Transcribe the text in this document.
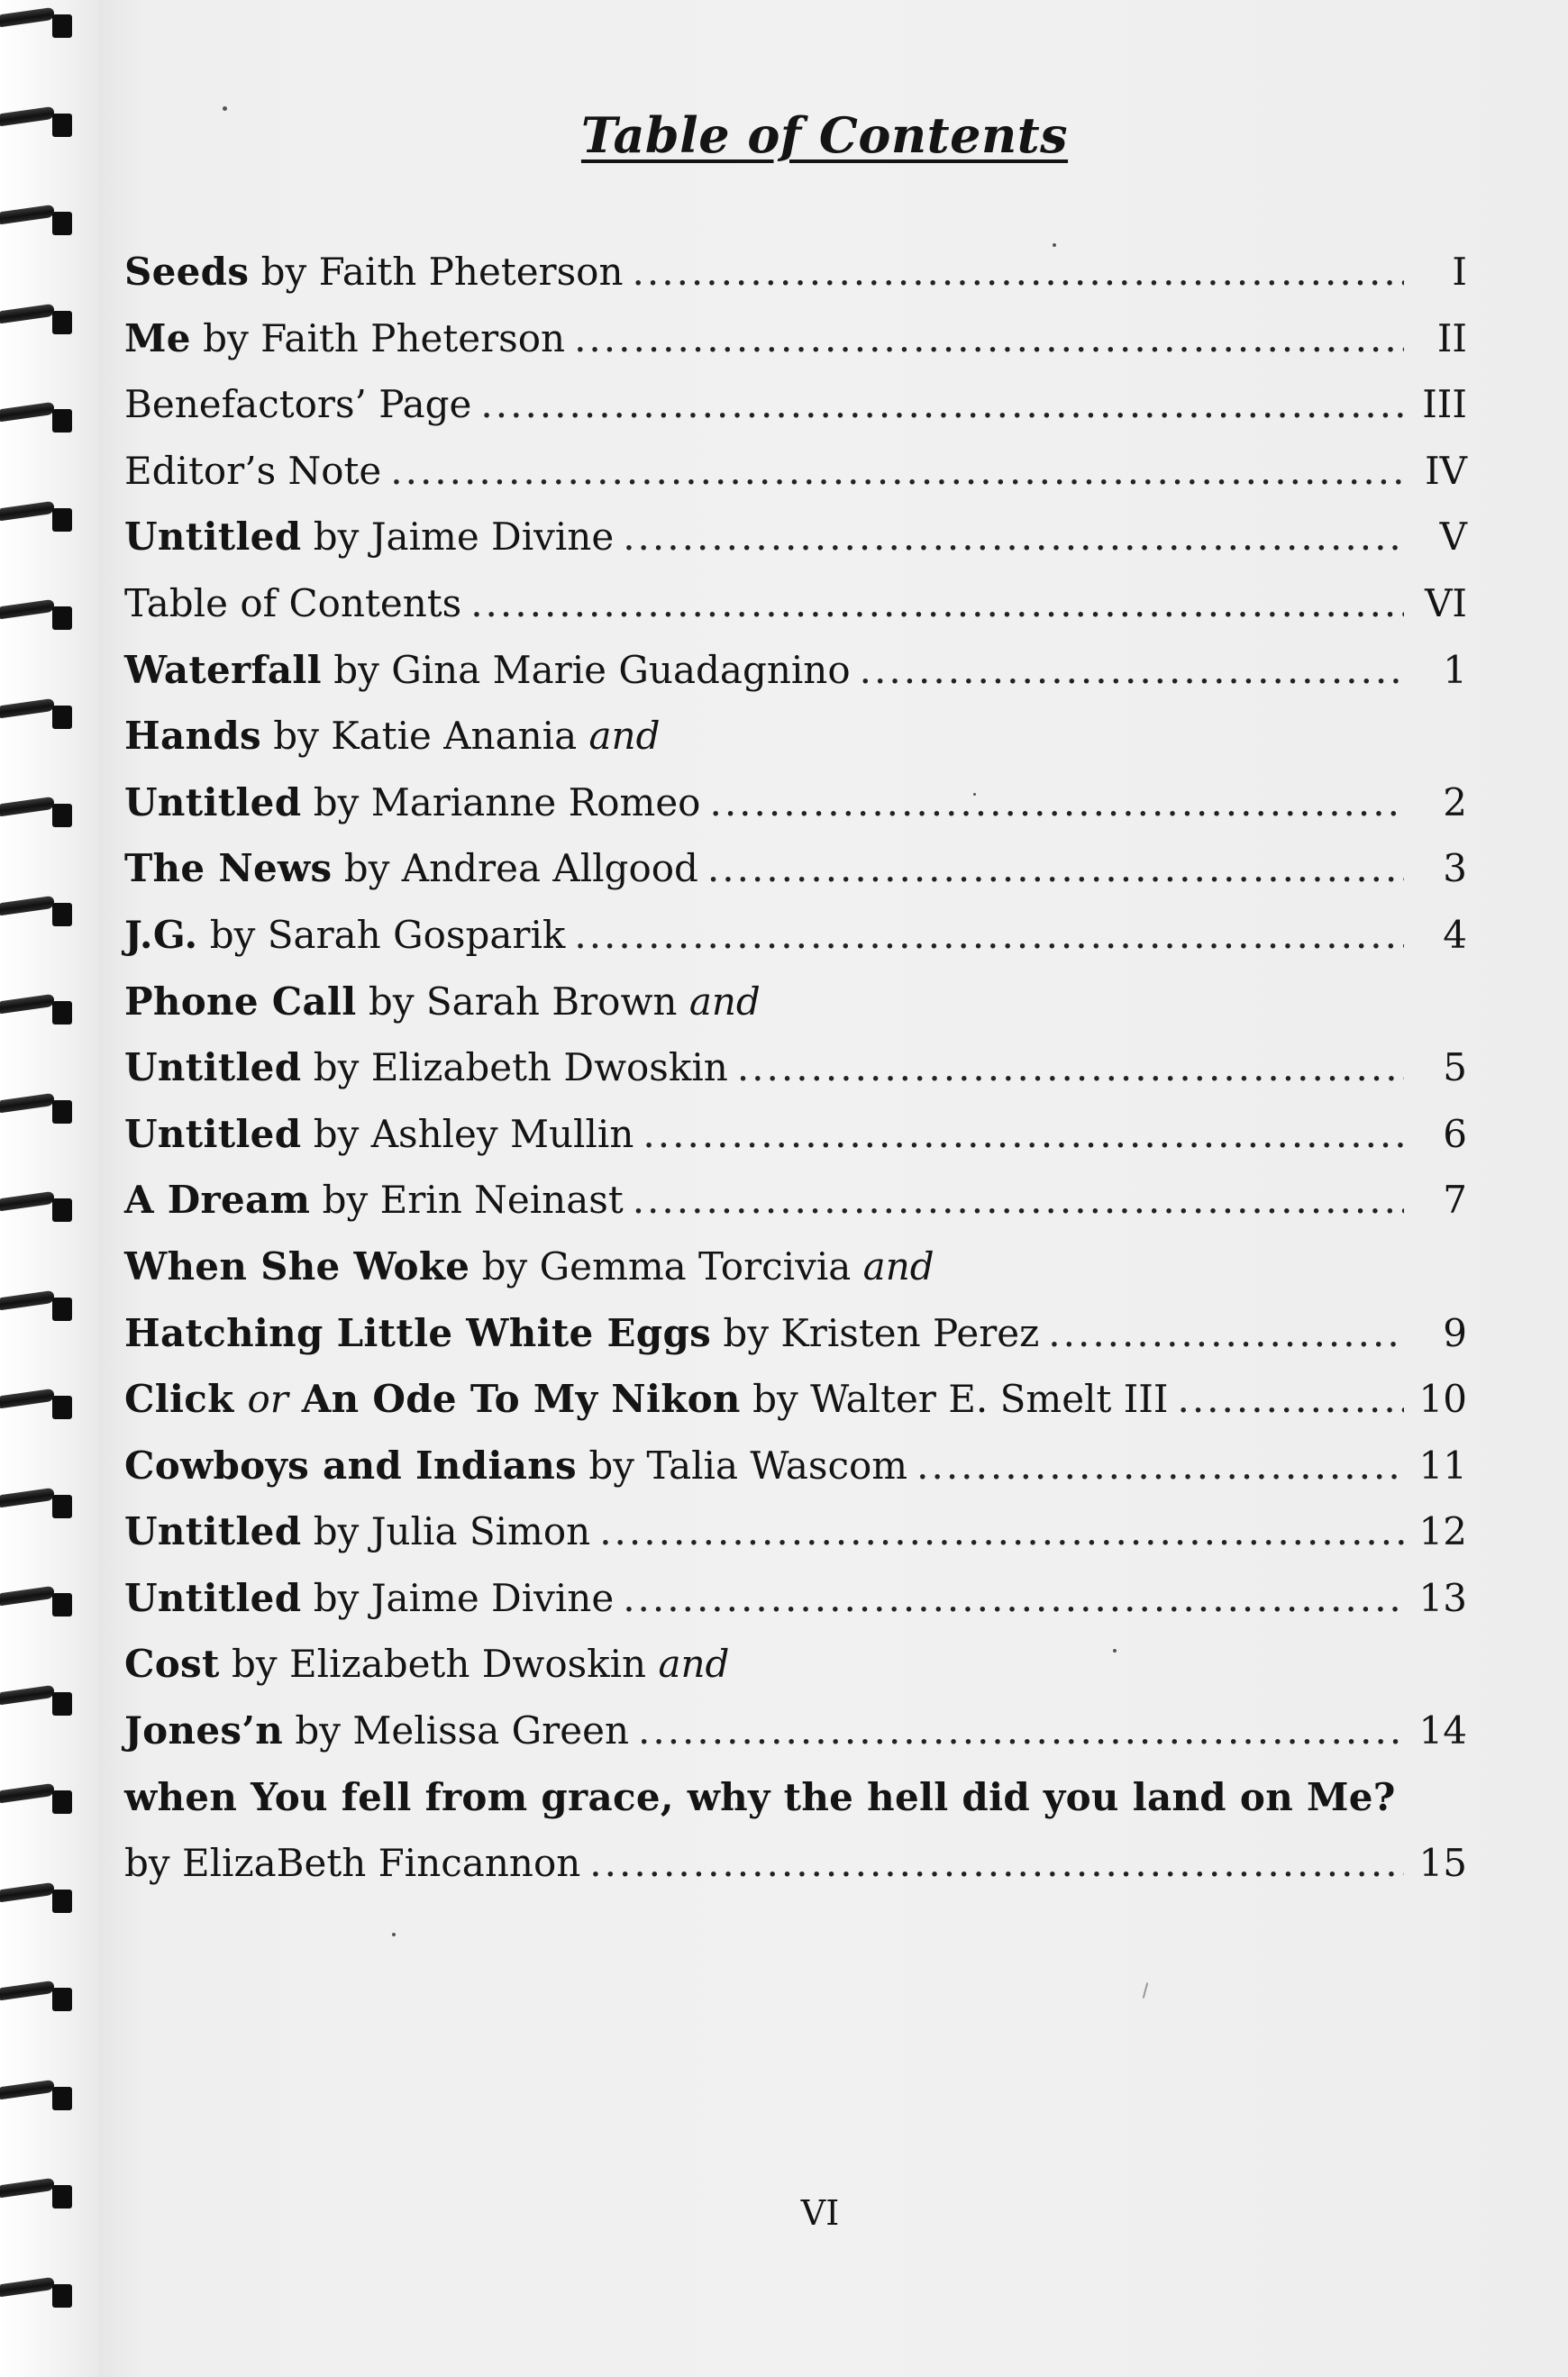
Table of Contents
Seeds by Faith Pheterson .....	I
Me by Faith Pheterson .....	II
Benefactors’ Page .....	III
Editor’s Note .....	IV
Untitled by Jaime Divine .....	V
Table of Contents .....	VI
Waterfall by Gina Marie Guadagnino .....	1
Hands by Katie Anania and
Untitled by Marianne Romeo .....	2
The News by Andrea Allgood .....	3
J.G. by Sarah Gosparik .....	4
Phone Call by Sarah Brown and
Untitled by Elizabeth Dwoskin .....	5
Untitled by Ashley Mullin .....	6
A Dream by Erin Neinast .....	7
When She Woke by Gemma Torcivia and
Hatching Little White Eggs by Kristen Perez .....	9
Click or An Ode To My Nikon by Walter E. Smelt III .....	10
Cowboys and Indians by Talia Wascom .....	11
Untitled by Julia Simon .....	12
Untitled by Jaime Divine .....	13
Cost by Elizabeth Dwoskin and
Jones’n by Melissa Green .....	14
when You fell from grace, why the hell did you land on Me?
by ElizaBeth Fincannon .....	15
VI
